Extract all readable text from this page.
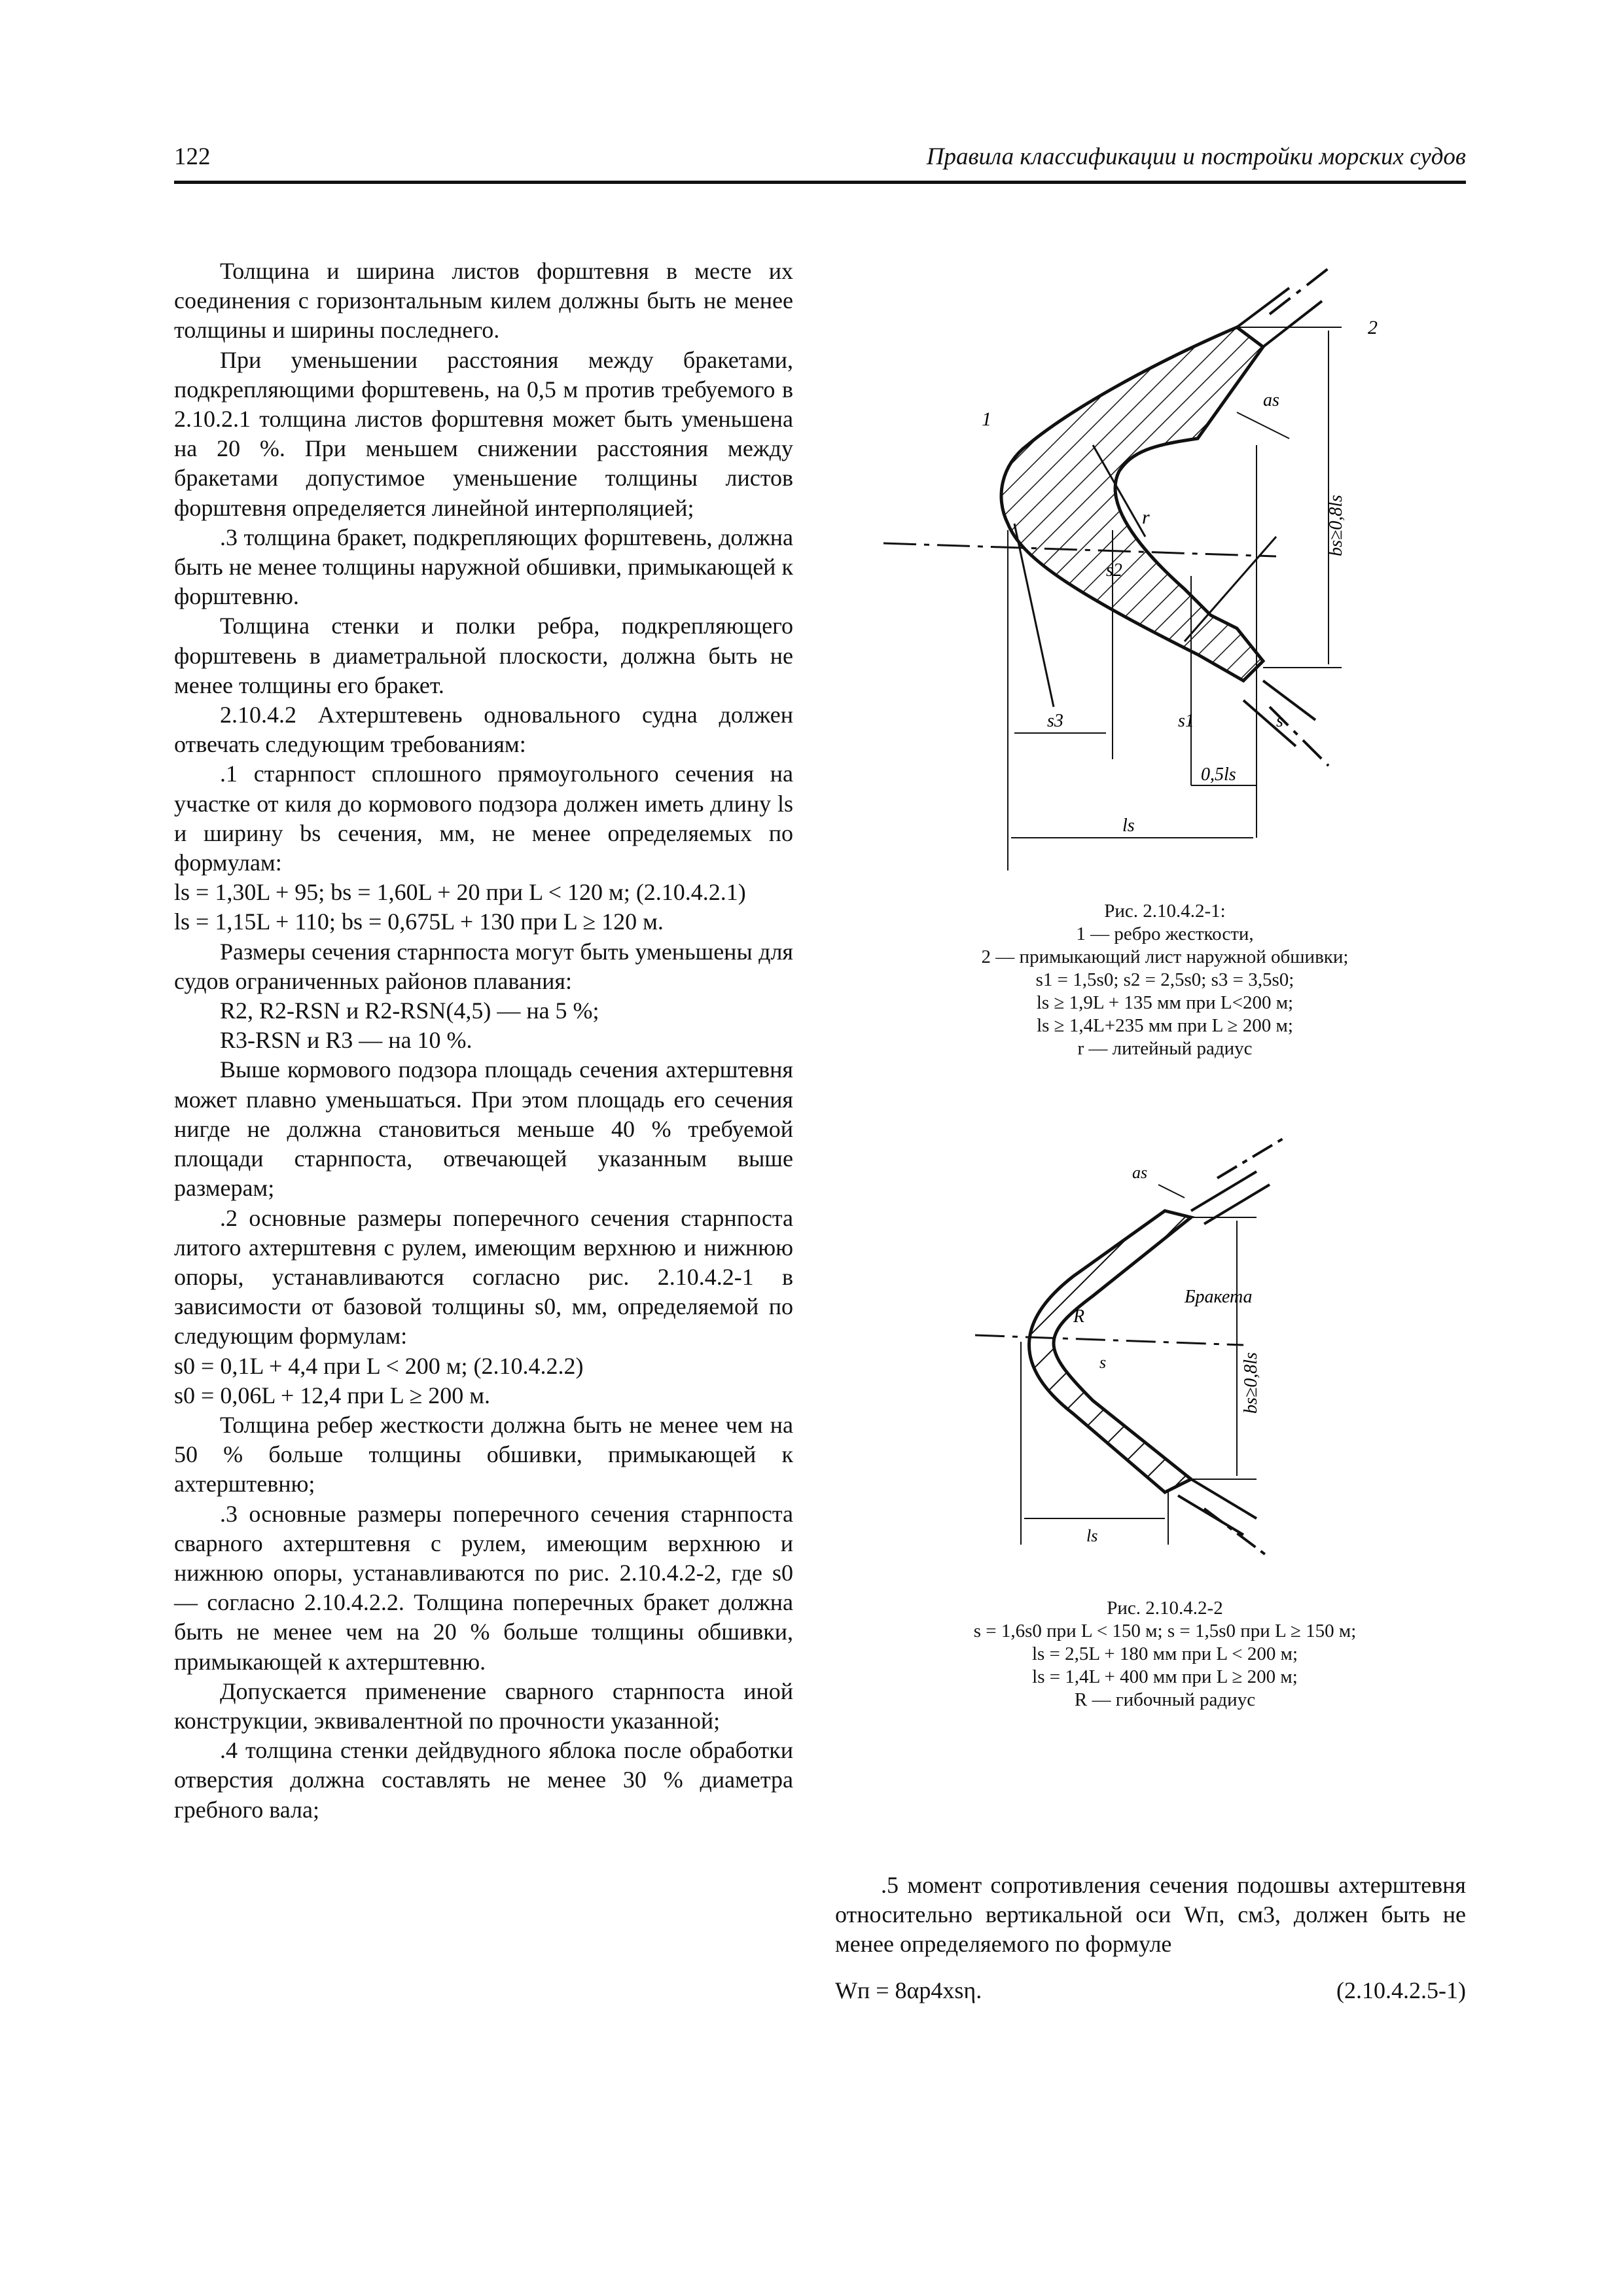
122	Правила классификации и постройки морских судов

Толщина и ширина листов форштевня в месте их соединения с горизонтальным килем должны быть не менее толщины и ширины последнего.

При уменьшении расстояния между бракетами, подкрепляющими форштевень, на 0,5 м против требуемого в 2.10.2.1 толщина листов форштевня может быть уменьшена на 20 %. При меньшем снижении расстояния между бракетами допустимое уменьшение толщины листов форштевня определяется линейной интерполяцией;

.3 толщина бракет, подкрепляющих форштевень, должна быть не менее толщины наружной обшивки, примыкающей к форштевню.

Толщина стенки и полки ребра, подкрепляющего форштевень в диаметральной плоскости, должна быть не менее толщины его бракет.

2.10.4.2 Ахтерштевень одновального судна должен отвечать следующим требованиям:

.1 старнпост сплошного прямоугольного сечения на участке от киля до кормового подзора должен иметь длину ls и ширину bs сечения, мм, не менее определяемых по формулам:

ls = 1,30L + 95; bs = 1,60L + 20 при L < 120 м; (2.10.4.2.1)

ls = 1,15L + 110; bs = 0,675L + 130 при L ≥ 120 м.

Размеры сечения старнпоста могут быть уменьшены для судов ограниченных районов плавания:

R2, R2-RSN и R2-RSN(4,5) — на 5 %;

R3-RSN и R3 — на 10 %.

Выше кормового подзора площадь сечения ахтерштевня может плавно уменьшаться. При этом площадь его сечения нигде не должна становиться меньше 40 % требуемой площади старнпоста, отвечающей указанным выше размерам;

.2 основные размеры поперечного сечения старнпоста литого ахтерштевня с рулем, имеющим верхнюю и нижнюю опоры, устанавливаются согласно рис. 2.10.4.2-1 в зависимости от базовой толщины s0, мм, определяемой по следующим формулам:

s0 = 0,1L + 4,4 при L < 200 м; (2.10.4.2.2)

s0 = 0,06L + 12,4 при L ≥ 200 м.

Толщина ребер жесткости должна быть не менее чем на 50 % больше толщины обшивки, примыкающей к ахтерштевню;

.3 основные размеры поперечного сечения старнпоста сварного ахтерштевня с рулем, имеющим верхнюю и нижнюю опоры, устанавливаются по рис. 2.10.4.2-2, где s0 — согласно 2.10.4.2.2. Толщина поперечных бракет должна быть не менее чем на 20 % больше толщины обшивки, примыкающей к ахтерштевню.

Допускается применение сварного старнпоста иной конструкции, эквивалентной по прочности указанной;

.4 толщина стенки дейдвудного яблока после обработки отверстия должна составлять не менее 30 % диаметра гребного вала;

1
2
as
r
s2
s1	s
s3
0,5ls
ls
bs≥0,8ls
Рис. 2.10.4.2-1:
1 — ребро жесткости,
2 — примыкающий лист наружной обшивки;
s1 = 1,5s0; s2 = 2,5s0; s3 = 3,5s0;
ls ≥ 1,9L + 135 мм при L<200 м;
ls ≥ 1,4L+235 мм при L ≥ 200 м;
r — литейный радиус
as
Бракета
R
s
ls
bs≥0,8ls
Рис. 2.10.4.2-2
s = 1,6s0 при L < 150 м; s = 1,5s0 при L ≥ 150 м;
ls = 2,5L + 180 мм при L < 200 м;
ls = 1,4L + 400 мм при L ≥ 200 м;
R — гибочный радиус

.5 момент сопротивления сечения подошвы ахтерштевня относительно вертикальной оси Wп, см3, должен быть не менее определяемого по формуле

Wп = 8αp4xsη.	(2.10.4.2.5-1)
